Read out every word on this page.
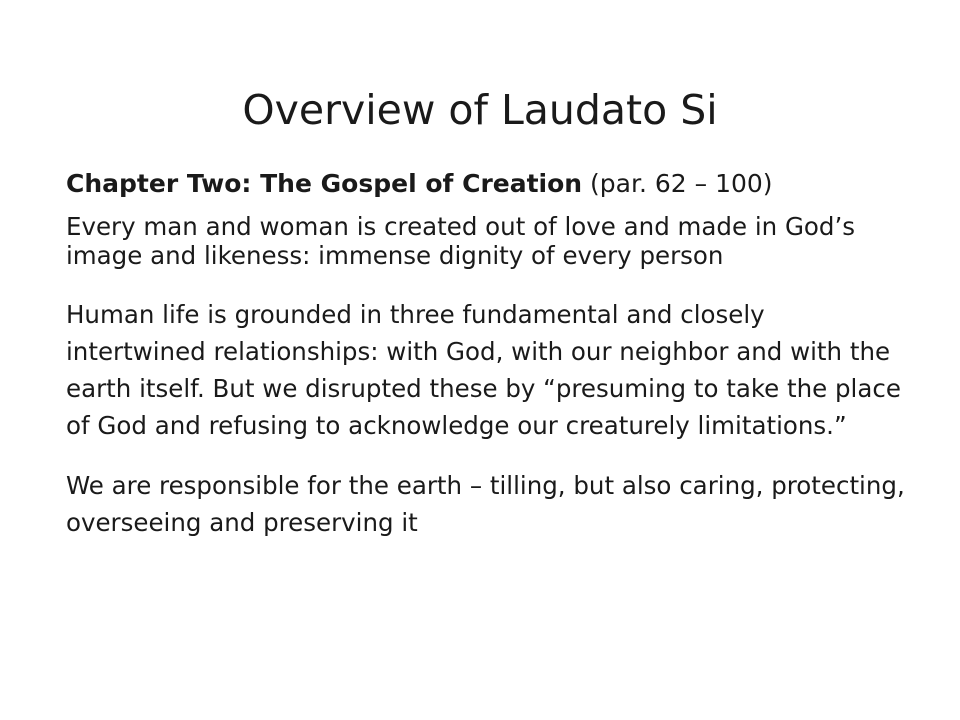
Overview of Laudato Si
Chapter Two: The Gospel of Creation (par. 62 – 100)

Every man and woman is created out of love and made in God’s image and likeness: immense dignity of every person

Human life is grounded in three fundamental and closely intertwined relationships: with God, with our neighbor and with the earth itself. But we disrupted these by “presuming to take the place of God and refusing to acknowledge our creaturely limitations.”

We are responsible for the earth – tilling, but also caring, protecting, overseeing and preserving it
